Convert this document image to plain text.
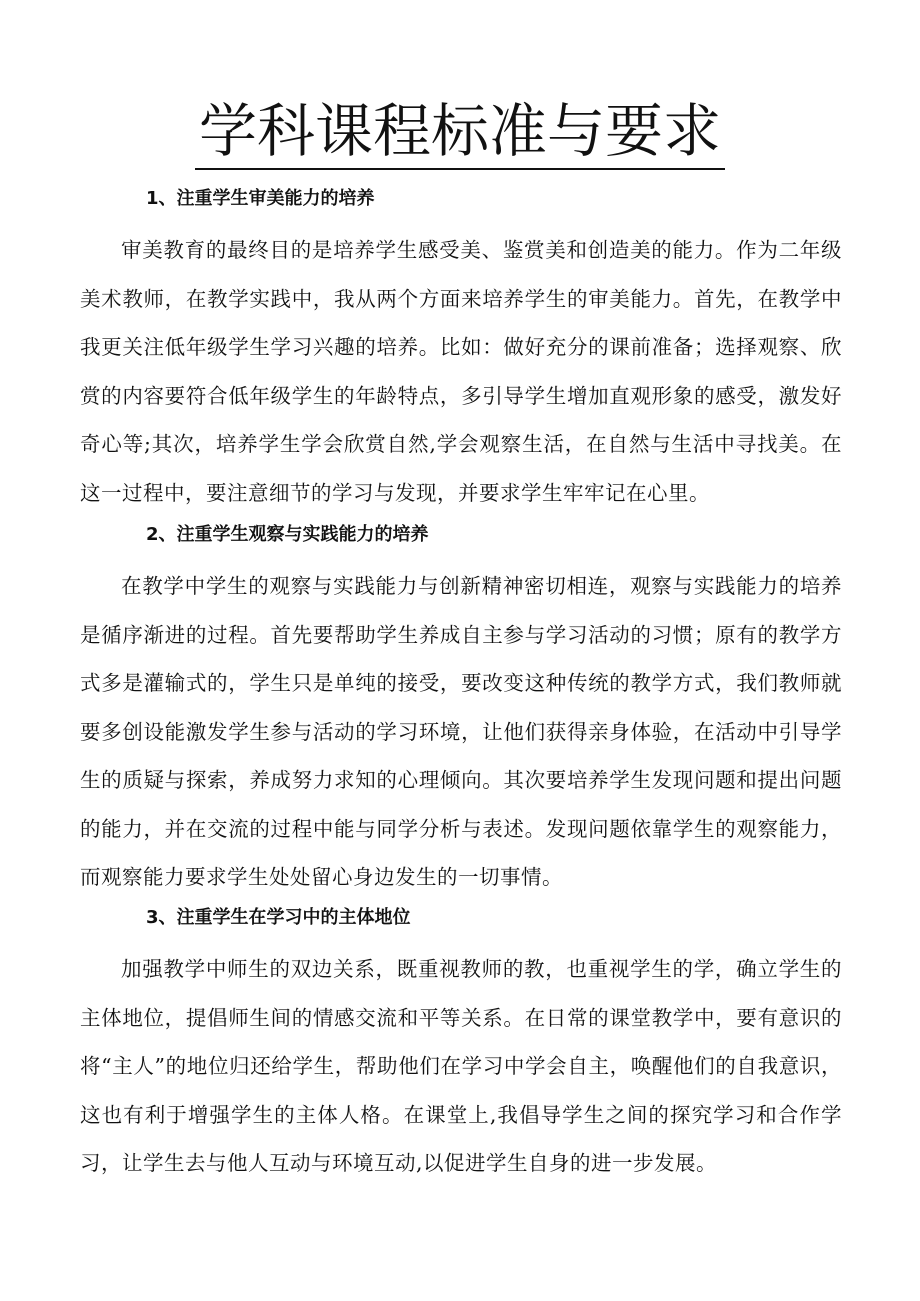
学科课程标准与要求

1、注重学生审美能力的培养

审美教育的最终目的是培养学生感受美、鉴赏美和创造美的能力。作为二年级美术教师，在教学实践中，我从两个方面来培养学生的审美能力。首先，在教学中我更关注低年级学生学习兴趣的培养。比如：做好充分的课前准备；选择观察、欣赏的内容要符合低年级学生的年龄特点，多引导学生增加直观形象的感受，激发好奇心等;其次，培养学生学会欣赏自然,学会观察生活，在自然与生活中寻找美。在这一过程中，要注意细节的学习与发现，并要求学生牢牢记在心里。

2、注重学生观察与实践能力的培养

在教学中学生的观察与实践能力与创新精神密切相连，观察与实践能力的培养是循序渐进的过程。首先要帮助学生养成自主参与学习活动的习惯；原有的教学方式多是灌输式的，学生只是单纯的接受，要改变这种传统的教学方式，我们教师就要多创设能激发学生参与活动的学习环境，让他们获得亲身体验，在活动中引导学生的质疑与探索，养成努力求知的心理倾向。其次要培养学生发现问题和提出问题的能力，并在交流的过程中能与同学分析与表述。发现问题依靠学生的观察能力，而观察能力要求学生处处留心身边发生的一切事情。

3、注重学生在学习中的主体地位

加强教学中师生的双边关系，既重视教师的教，也重视学生的学，确立学生的主体地位，提倡师生间的情感交流和平等关系。在日常的课堂教学中，要有意识的将“主人”的地位归还给学生，帮助他们在学习中学会自主，唤醒他们的自我意识，这也有利于增强学生的主体人格。在课堂上,我倡导学生之间的探究学习和合作学习，让学生去与他人互动与环境互动,以促进学生自身的进一步发展。
